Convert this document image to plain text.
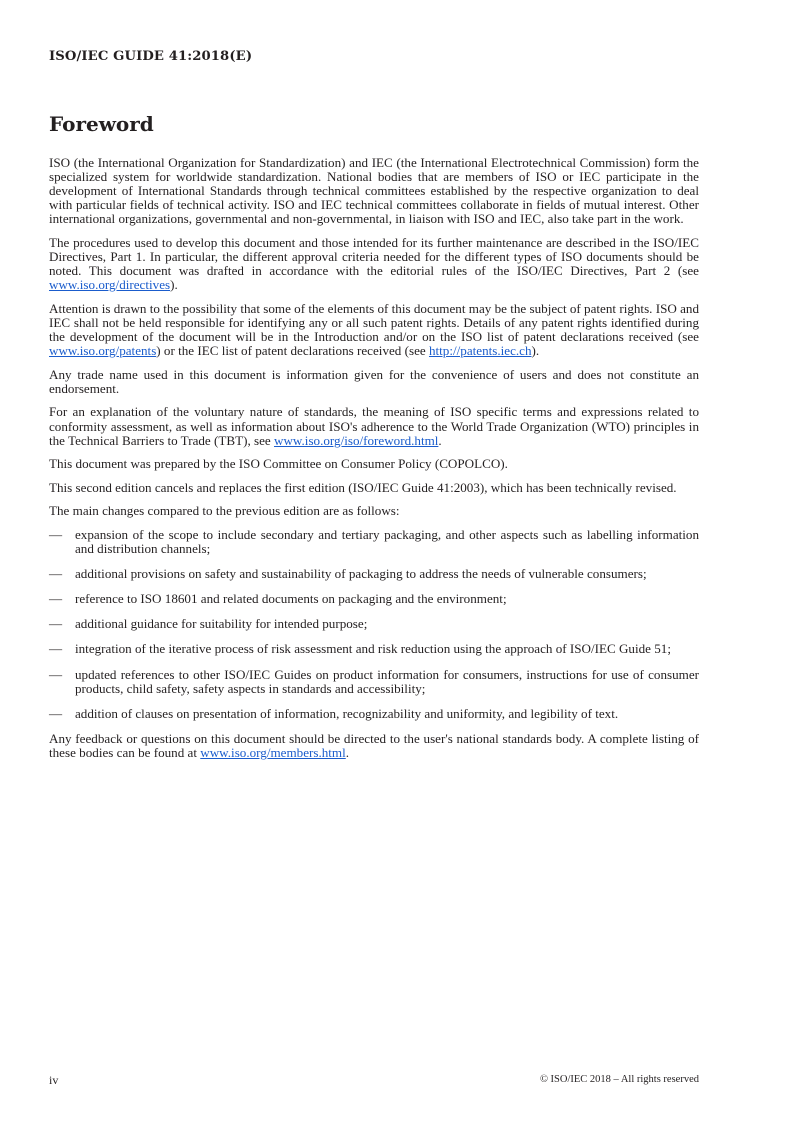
ISO/IEC GUIDE 41:2018(E)
Foreword

ISO (the International Organization for Standardization) and IEC (the International Electrotechnical Commission) form the specialized system for worldwide standardization. National bodies that are members of ISO or IEC participate in the development of International Standards through technical committees established by the respective organization to deal with particular fields of technical activity. ISO and IEC technical committees collaborate in fields of mutual interest. Other international organizations, governmental and non-governmental, in liaison with ISO and IEC, also take part in the work.

The procedures used to develop this document and those intended for its further maintenance are described in the ISO/IEC Directives, Part 1. In particular, the different approval criteria needed for the different types of ISO documents should be noted. This document was drafted in accordance with the editorial rules of the ISO/IEC Directives, Part 2 (see www.iso.org/directives).

Attention is drawn to the possibility that some of the elements of this document may be the subject of patent rights. ISO and IEC shall not be held responsible for identifying any or all such patent rights. Details of any patent rights identified during the development of the document will be in the Introduction and/or on the ISO list of patent declarations received (see www.iso.org/patents) or the IEC list of patent declarations received (see http://patents.iec.ch).

Any trade name used in this document is information given for the convenience of users and does not constitute an endorsement.

For an explanation of the voluntary nature of standards, the meaning of ISO specific terms and expressions related to conformity assessment, as well as information about ISO's adherence to the World Trade Organization (WTO) principles in the Technical Barriers to Trade (TBT), see www.iso.org/iso/foreword.html.

This document was prepared by the ISO Committee on Consumer Policy (COPOLCO).

This second edition cancels and replaces the first edition (ISO/IEC Guide 41:2003), which has been technically revised.

The main changes compared to the previous edition are as follows:

— expansion of the scope to include secondary and tertiary packaging, and other aspects such as labelling information and distribution channels;
— additional provisions on safety and sustainability of packaging to address the needs of vulnerable consumers;
— reference to ISO 18601 and related documents on packaging and the environment;
— additional guidance for suitability for intended purpose;
— integration of the iterative process of risk assessment and risk reduction using the approach of ISO/IEC Guide 51;
— updated references to other ISO/IEC Guides on product information for consumers, instructions for use of consumer products, child safety, safety aspects in standards and accessibility;
— addition of clauses on presentation of information, recognizability and uniformity, and legibility of text.

Any feedback or questions on this document should be directed to the user's national standards body. A complete listing of these bodies can be found at www.iso.org/members.html.

iv	© ISO/IEC 2018 – All rights reserved
